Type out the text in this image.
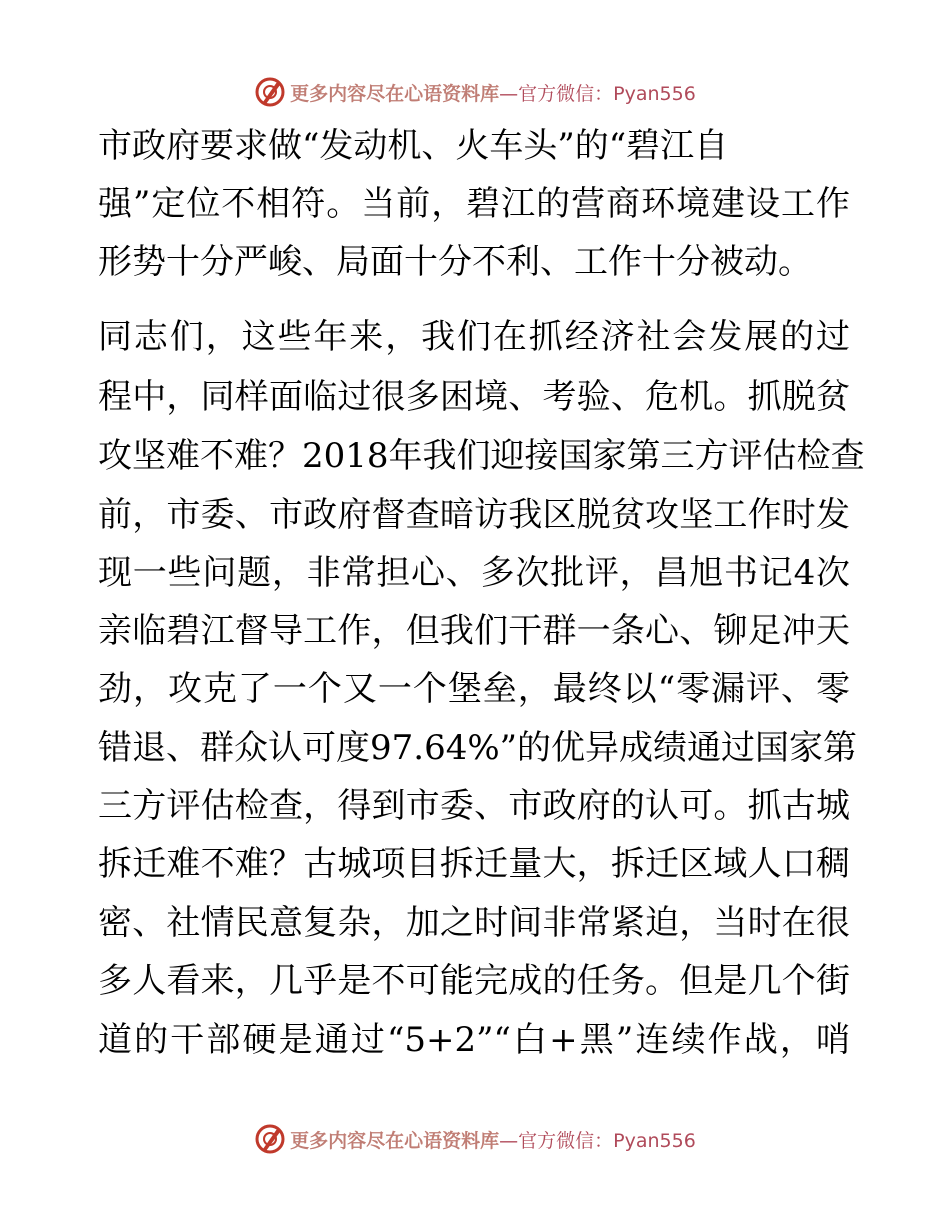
更多内容尽在心语资料库 —官方微信：Pyan556
市政府要求做“发动机、火车头”的“碧江自
强”定位不相符。当前，碧江的营商环境建设工作
形势十分严峻、局面十分不利、工作十分被动。
同志们，这些年来，我们在抓经济社会发展的过
程中，同样面临过很多困境、考验、危机。抓脱贫
攻坚难不难？2018年我们迎接国家第三方评估检查
前，市委、市政府督查暗访我区脱贫攻坚工作时发
现一些问题，非常担心、多次批评，昌旭书记4次
亲临碧江督导工作，但我们干群一条心、铆足冲天
劲，攻克了一个又一个堡垒，最终以“零漏评、零
错退、群众认可度97.64%”的优异成绩通过国家第
三方评估检查，得到市委、市政府的认可。抓古城
拆迁难不难？古城项目拆迁量大，拆迁区域人口稠
密、社情民意复杂，加之时间非常紧迫，当时在很
多人看来，几乎是不可能完成的任务。但是几个街
道的干部硬是通过“5+2”“白+黑”连续作战，哨
更多内容尽在心语资料库 —官方微信：Pyan556
